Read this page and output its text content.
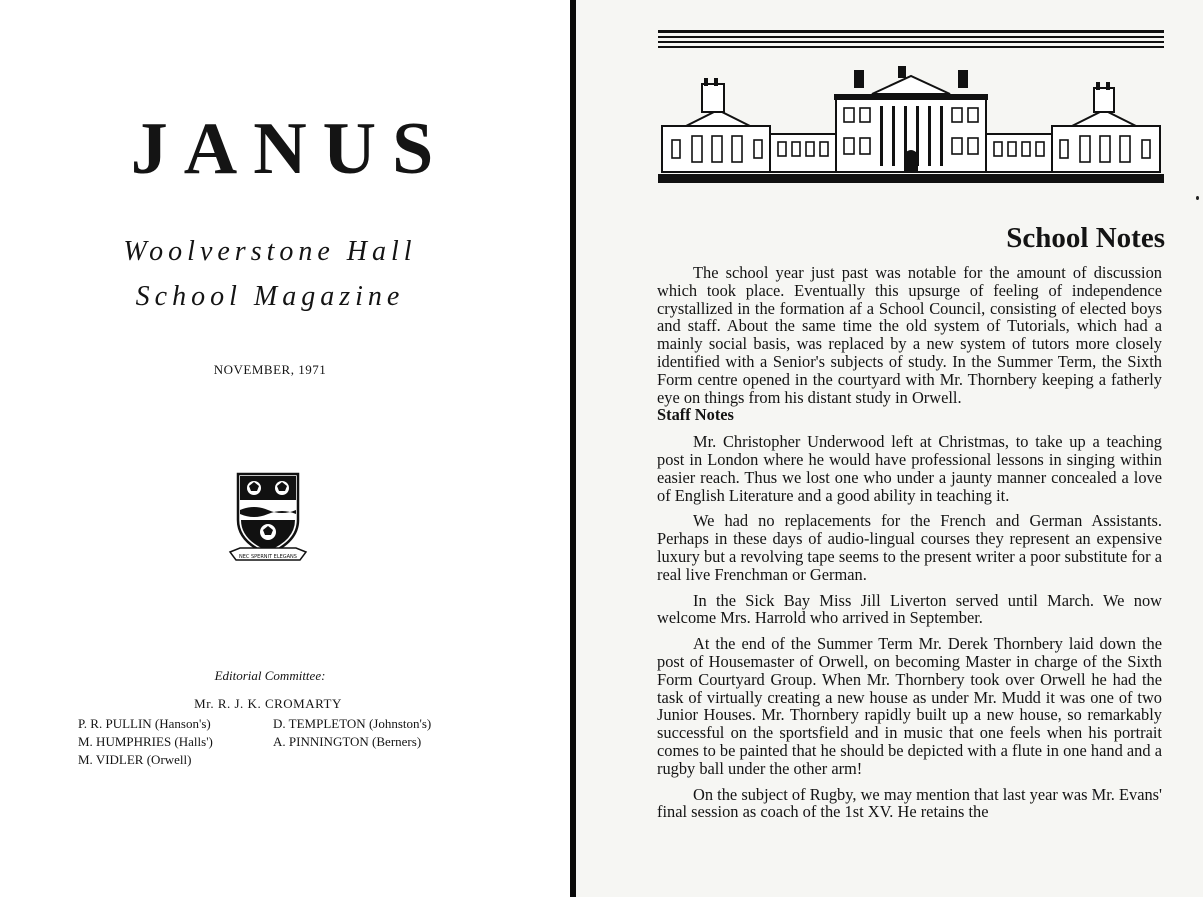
JANUS
Woolverstone Hall
School Magazine
NOVEMBER, 1971
NEC SPERNIT ELEGANS
Editorial Committee:
Mr. R. J. K. CROMARTY
P. R. PULLIN (Hanson's)	D. TEMPLETON (Johnston's)
M. HUMPHRIES (Halls')	A. PINNINGTON (Berners)
M. VIDLER (Orwell)
School Notes

The school year just past was notable for the amount of discussion which took place. Eventually this upsurge of feeling of independence crystallized in the formation af a School Council, consisting of elected boys and staff. About the same time the old system of Tutorials, which had a mainly social basis, was replaced by a new system of tutors more closely identified with a Senior's subjects of study. In the Summer Term, the Sixth Form centre opened in the courtyard with Mr. Thornbery keeping a fatherly eye on things from his distant study in Orwell.

Staff Notes

Mr. Christopher Underwood left at Christmas, to take up a teaching post in London where he would have professional lessons in singing within easier reach. Thus we lost one who under a jaunty manner concealed a love of English Literature and a good ability in teaching it.

We had no replacements for the French and German Assistants. Perhaps in these days of audio-lingual courses they represent an expensive luxury but a revolving tape seems to the present writer a poor substitute for a real live Frenchman or German.

In the Sick Bay Miss Jill Liverton served until March. We now welcome Mrs. Harrold who arrived in September.

At the end of the Summer Term Mr. Derek Thornbery laid down the post of Housemaster of Orwell, on becoming Master in charge of the Sixth Form Courtyard Group. When Mr. Thornbery took over Orwell he had the task of virtually creating a new house as under Mr. Mudd it was one of two Junior Houses. Mr. Thornbery rapidly built up a new house, so remarkably successful on the sportsfield and in music that one feels when his portrait comes to be painted that he should be depicted with a flute in one hand and a rugby ball under the other arm!

On the subject of Rugby, we may mention that last year was Mr. Evans' final session as coach of the 1st XV. He retains the
